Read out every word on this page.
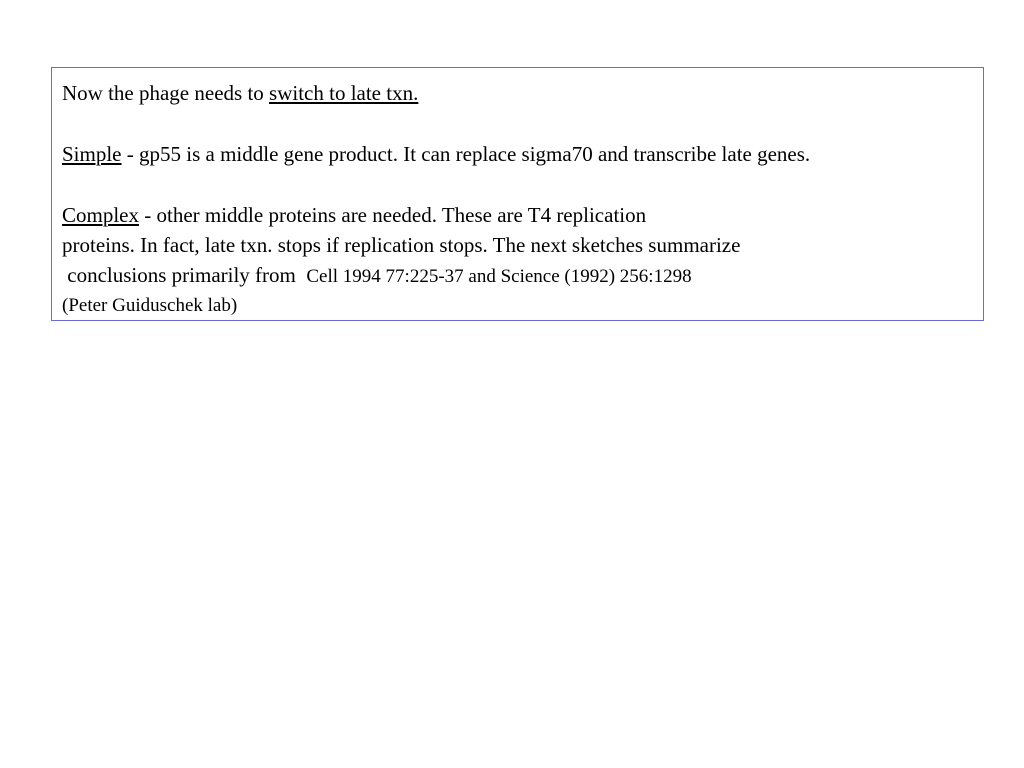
Now the phage needs to switch to late txn.
Simple - gp55 is a middle gene product. It can replace sigma70 and transcribe late genes.
Complex - other middle proteins are needed. These are T4 replication
proteins. In fact, late txn. stops if replication stops. The next sketches summarize
conclusions primarily from  Cell 1994 77:225-37 and Science (1992) 256:1298
(Peter Guiduschek lab)
